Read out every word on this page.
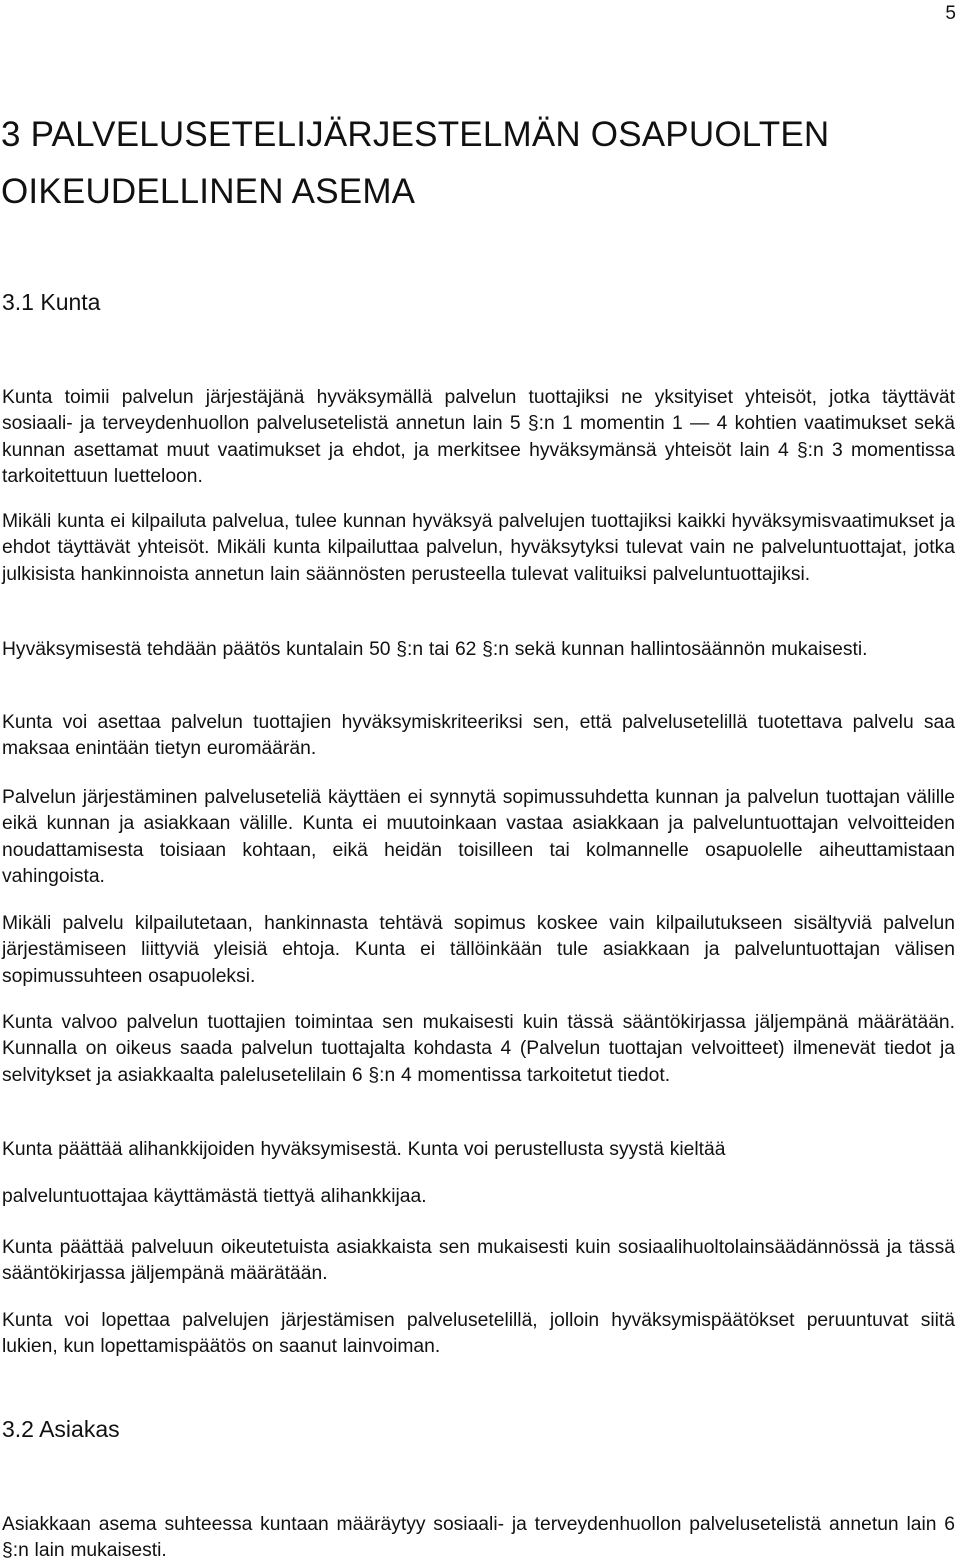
5
3 PALVELUSETELIJÄRJESTELMÄN OSAPUOLTEN
OIKEUDELLINEN ASEMA
3.1 Kunta

Kunta toimii palvelun järjestäjänä hyväksymällä palvelun tuottajiksi ne yksityiset yhteisöt, jotka täyttävät sosiaali- ja terveydenhuollon palvelusetelistä annetun lain 5 §:n 1 momentin 1 — 4 kohtien vaatimukset sekä kunnan asettamat muut vaatimukset ja ehdot, ja merkitsee hyväksymänsä yhteisöt lain 4 §:n 3 momentissa tarkoitettuun luetteloon.

Mikäli kunta ei kilpailuta palvelua, tulee kunnan hyväksyä palvelujen tuottajiksi kaikki hyväksymisvaatimukset ja ehdot täyttävät yhteisöt. Mikäli kunta kilpailuttaa palvelun, hyväksytyksi tulevat vain ne palveluntuottajat, jotka julkisista hankinnoista annetun lain säännösten perusteella tulevat valituiksi palveluntuottajiksi.

Hyväksymisestä tehdään päätös kuntalain 50 §:n tai 62 §:n sekä kunnan hallintosäännön mukaisesti.

Kunta voi asettaa palvelun tuottajien hyväksymiskriteeriksi sen, että palvelusetelillä tuotettava palvelu saa maksaa enintään tietyn euromäärän.

Palvelun järjestäminen palveluseteliä käyttäen ei synnytä sopimussuhdetta kunnan ja palvelun tuottajan välille eikä kunnan ja asiakkaan välille. Kunta ei muutoinkaan vastaa asiakkaan ja palveluntuottajan velvoitteiden noudattamisesta toisiaan kohtaan, eikä heidän toisilleen tai kolmannelle osapuolelle aiheuttamistaan vahingoista.

Mikäli palvelu kilpailutetaan, hankinnasta tehtävä sopimus koskee vain kilpailutukseen sisältyviä palvelun järjestämiseen liittyviä yleisiä ehtoja. Kunta ei tällöinkään tule asiakkaan ja palveluntuottajan välisen sopimussuhteen osapuoleksi.

Kunta valvoo palvelun tuottajien toimintaa sen mukaisesti kuin tässä sääntökirjassa jäljempänä määrätään. Kunnalla on oikeus saada palvelun tuottajalta kohdasta 4 (Palvelun tuottajan velvoitteet) ilmenevät tiedot ja selvitykset ja asiakkaalta palelusetelilain 6 §:n 4 momentissa tarkoitetut tiedot.

Kunta päättää alihankkijoiden hyväksymisestä. Kunta voi perustellusta syystä kieltää

palveluntuottajaa käyttämästä tiettyä alihankkijaa.

Kunta päättää palveluun oikeutetuista asiakkaista sen mukaisesti kuin sosiaalihuoltolainsäädännössä ja tässä sääntökirjassa jäljempänä määrätään.

Kunta voi lopettaa palvelujen järjestämisen palvelusetelillä, jolloin hyväksymispäätökset peruuntuvat siitä lukien, kun lopettamispäätös on saanut lainvoiman.

3.2 Asiakas

Asiakkaan asema suhteessa kuntaan määräytyy sosiaali- ja terveydenhuollon palvelusetelistä annetun lain 6 §:n lain mukaisesti.
